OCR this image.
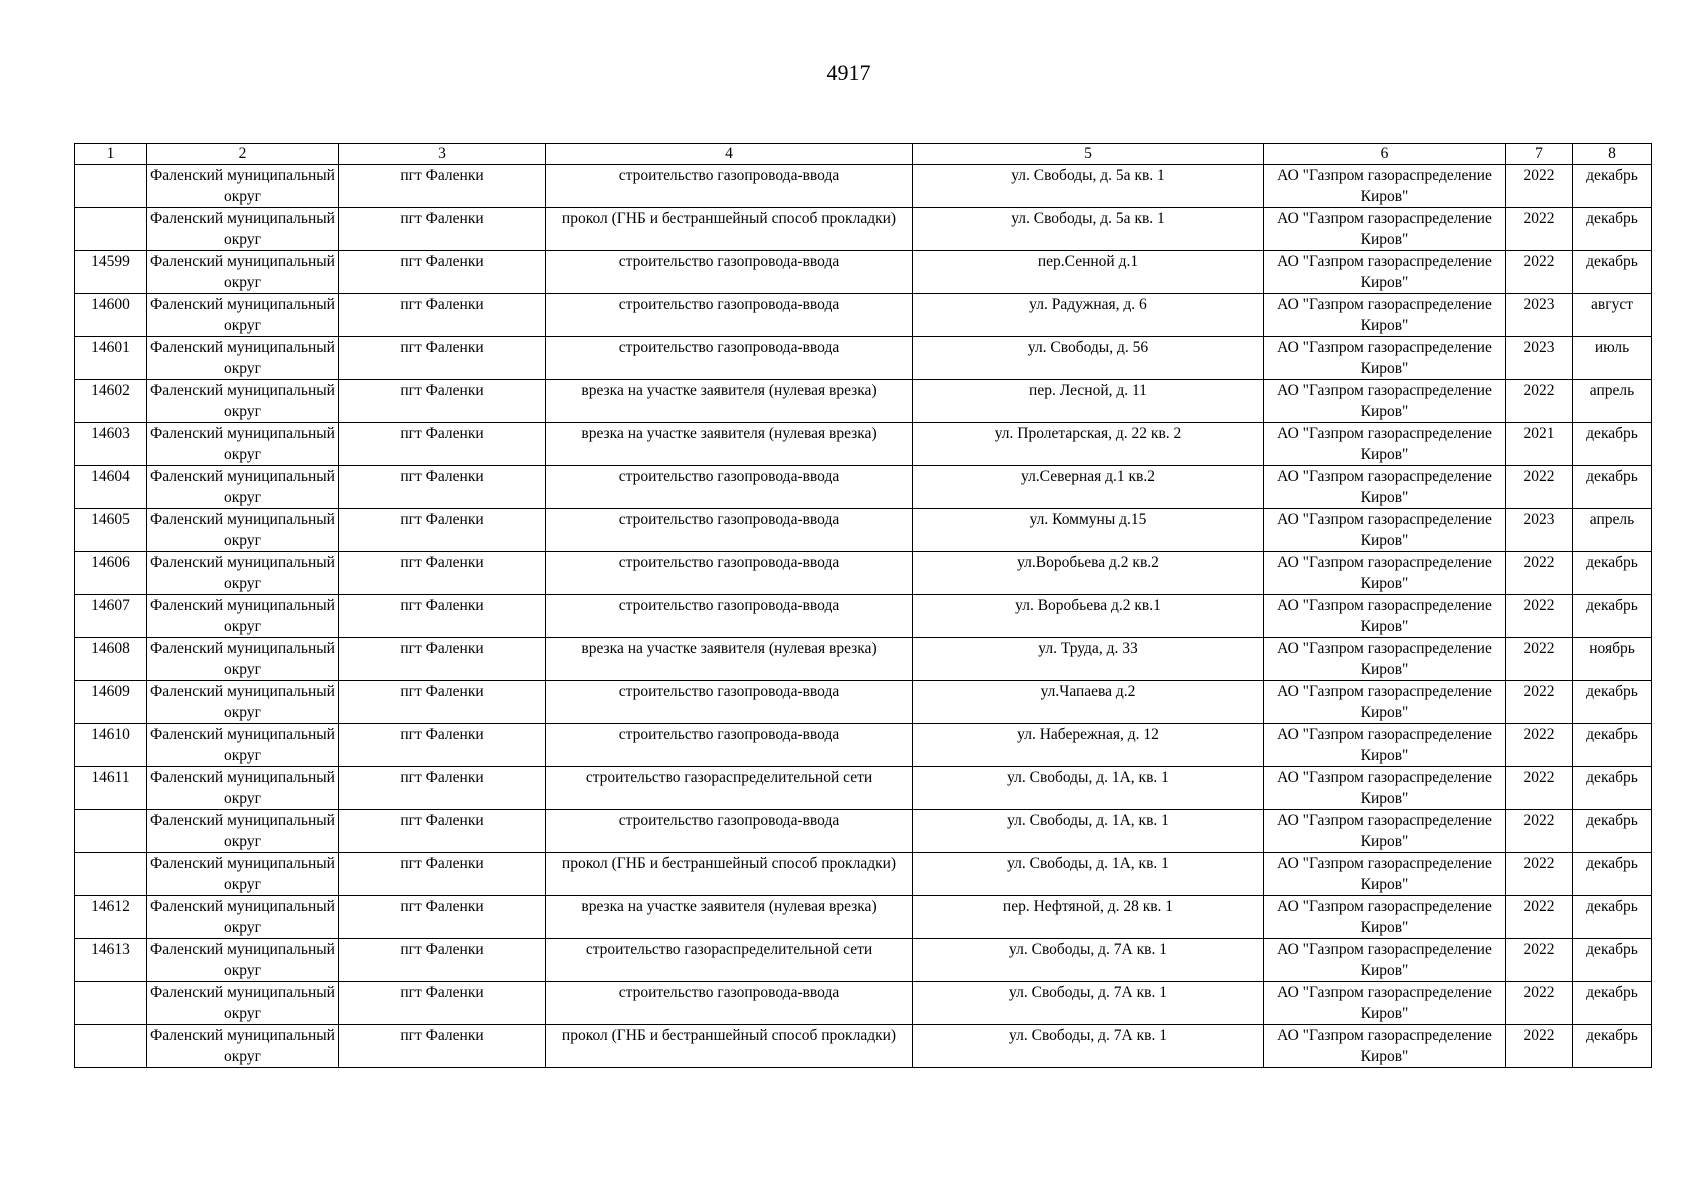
4917
1	2	3	4	5	6	7	8
	Фаленский муниципальный округ	пгт Фаленки	строительство газопровода-ввода	ул. Свободы, д. 5а кв. 1	АО "Газпром газораспределение Киров"	2022	декабрь
	Фаленский муниципальный округ	пгт Фаленки	прокол (ГНБ и бестраншейный способ прокладки)	ул. Свободы, д. 5а кв. 1	АО "Газпром газораспределение Киров"	2022	декабрь
14599	Фаленский муниципальный округ	пгт Фаленки	строительство газопровода-ввода	пер.Сенной д.1	АО "Газпром газораспределение Киров"	2022	декабрь
14600	Фаленский муниципальный округ	пгт Фаленки	строительство газопровода-ввода	ул. Радужная, д. 6	АО "Газпром газораспределение Киров"	2023	август
14601	Фаленский муниципальный округ	пгт Фаленки	строительство газопровода-ввода	ул. Свободы, д. 56	АО "Газпром газораспределение Киров"	2023	июль
14602	Фаленский муниципальный округ	пгт Фаленки	врезка на участке заявителя (нулевая врезка)	пер. Лесной, д. 11	АО "Газпром газораспределение Киров"	2022	апрель
14603	Фаленский муниципальный округ	пгт Фаленки	врезка на участке заявителя (нулевая врезка)	ул. Пролетарская, д. 22 кв. 2	АО "Газпром газораспределение Киров"	2021	декабрь
14604	Фаленский муниципальный округ	пгт Фаленки	строительство газопровода-ввода	ул.Северная д.1 кв.2	АО "Газпром газораспределение Киров"	2022	декабрь
14605	Фаленский муниципальный округ	пгт Фаленки	строительство газопровода-ввода	ул. Коммуны д.15	АО "Газпром газораспределение Киров"	2023	апрель
14606	Фаленский муниципальный округ	пгт Фаленки	строительство газопровода-ввода	ул.Воробьева д.2 кв.2	АО "Газпром газораспределение Киров"	2022	декабрь
14607	Фаленский муниципальный округ	пгт Фаленки	строительство газопровода-ввода	ул. Воробьева д.2 кв.1	АО "Газпром газораспределение Киров"	2022	декабрь
14608	Фаленский муниципальный округ	пгт Фаленки	врезка на участке заявителя (нулевая врезка)	ул. Труда, д. 33	АО "Газпром газораспределение Киров"	2022	ноябрь
14609	Фаленский муниципальный округ	пгт Фаленки	строительство газопровода-ввода	ул.Чапаева д.2	АО "Газпром газораспределение Киров"	2022	декабрь
14610	Фаленский муниципальный округ	пгт Фаленки	строительство газопровода-ввода	ул. Набережная, д. 12	АО "Газпром газораспределение Киров"	2022	декабрь
14611	Фаленский муниципальный округ	пгт Фаленки	строительство газораспределительной сети	ул. Свободы, д. 1А, кв. 1	АО "Газпром газораспределение Киров"	2022	декабрь
	Фаленский муниципальный округ	пгт Фаленки	строительство газопровода-ввода	ул. Свободы, д. 1А, кв. 1	АО "Газпром газораспределение Киров"	2022	декабрь
	Фаленский муниципальный округ	пгт Фаленки	прокол (ГНБ и бестраншейный способ прокладки)	ул. Свободы, д. 1А, кв. 1	АО "Газпром газораспределение Киров"	2022	декабрь
14612	Фаленский муниципальный округ	пгт Фаленки	врезка на участке заявителя (нулевая врезка)	пер. Нефтяной, д. 28 кв. 1	АО "Газпром газораспределение Киров"	2022	декабрь
14613	Фаленский муниципальный округ	пгт Фаленки	строительство газораспределительной сети	ул. Свободы, д. 7А кв. 1	АО "Газпром газораспределение Киров"	2022	декабрь
	Фаленский муниципальный округ	пгт Фаленки	строительство газопровода-ввода	ул. Свободы, д. 7А кв. 1	АО "Газпром газораспределение Киров"	2022	декабрь
	Фаленский муниципальный округ	пгт Фаленки	прокол (ГНБ и бестраншейный способ прокладки)	ул. Свободы, д. 7А кв. 1	АО "Газпром газораспределение Киров"	2022	декабрь
